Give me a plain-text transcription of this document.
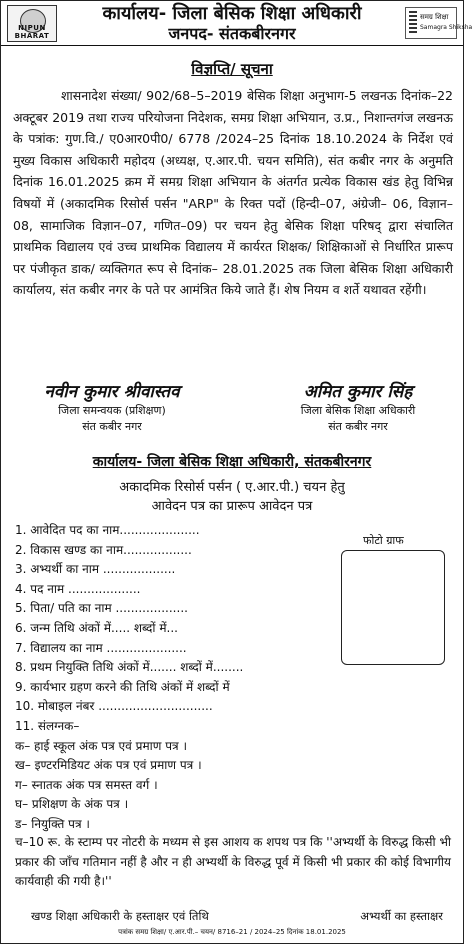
NIPUN BHARAT
कार्यालय- जिला बेसिक शिक्षा अधिकारी
जनपद- संतकबीरनगर
समग्र शिक्षा
Samagra Shiksha
विज्ञप्ति/ सूचना
शासनादेश संख्या/ 902/68–5–2019 बेसिक शिक्षा अनुभाग-5 लखनऊ दिनांक–22 अक्टूबर 2019 तथा राज्य परियोजना निदेशक, समग्र शिक्षा अभियान, उ.प्र., निशान्तगंज लखनऊ के पत्रांक: गुण.वि./ ए0आर0पी0/ 6778 /2024–25 दिनांक 18.10.2024 के निर्देश एवं मुख्य विकास अधिकारी महोदय (अध्यक्ष, ए.आर.पी. चयन समिति), संत कबीर नगर के अनुमति दिनांक 16.01.2025 क्रम में समग्र शिक्षा अभियान के अंतर्गत प्रत्येक विकास खंड हेतु विभिन्न विषयों में (अकादमिक रिसोर्स पर्सन "ARP" के रिक्त पदों (हिन्दी–07, अंग्रेजी– 06, विज्ञान– 08, सामाजिक विज्ञान–07, गणित–09) पर चयन हेतु बेसिक शिक्षा परिषद् द्वारा संचालित प्राथमिक विद्यालय एवं उच्च प्राथमिक विद्यालय में कार्यरत शिक्षक/ शिक्षिकाओं से निर्धारित प्रारूप पर पंजीकृत डाक/ व्यक्तिगत रूप से दिनांक– 28.01.2025 तक जिला बेसिक शिक्षा अधिकारी कार्यालय, संत कबीर नगर के पते पर आमंत्रित किये जाते हैं। शेष नियम व शर्ते यथावत रहेंगी।
नवीन कुमार श्रीवास्तव
जिला समन्वयक (प्रशिक्षण)
संत कबीर नगर
अमित कुमार सिंह
जिला बेसिक शिक्षा अधिकारी
संत कबीर नगर
कार्यालय- जिला बेसिक शिक्षा अधिकारी, संतकबीरनगर
अकादमिक रिसोर्स पर्सन ( ए.आर.पी.) चयन हेतु
आवेदन पत्र का प्रारूप आवेदन पत्र
फोटो ग्राफ
1. आवेदित पद का नाम.....................
2. विकास खण्ड का नाम..................
3. अभ्यर्थी का नाम ...................
4. पद नाम ...................
5. पिता/ पति का नाम ...................
6. जन्म तिथि अंकों में..... शब्दों में...
7. विद्यालय का नाम .....................
8. प्रथम नियुक्ति तिथि अंकों में....... शब्दों में........
9. कार्यभार ग्रहण करने की तिथि अंकों में शब्दों में
10. मोबाइल नंबर ..............................
11. संलग्नक–
क– हाई स्कूल अंक पत्र एवं प्रमाण पत्र ।
ख– इण्टरमिडियट अंक पत्र एवं प्रमाण पत्र ।
ग– स्नातक अंक पत्र समस्त वर्ग ।
घ– प्रशिक्षण के अंक पत्र ।
ड– नियुक्ति पत्र ।
च–10 रू. के स्टाम्प पर नोटरी के मध्यम से इस आशय क शपथ पत्र कि ''अभ्यर्थी के विरुद्ध किसी भी प्रकार की जाँच गतिमान नहीं है और न ही अभ्यर्थी के विरुद्ध पूर्व में किसी भी प्रकार की कोई विभागीय कार्यवाही की गयी है।''
खण्ड शिक्षा अधिकारी के हस्ताक्षर एवं तिथि	अभ्यर्थी का हस्ताक्षर
पत्रांक समग्र शिक्षा/ ए.आर.पी.– चयन/ 8716–21 / 2024–25 दिनांक 18.01.2025
